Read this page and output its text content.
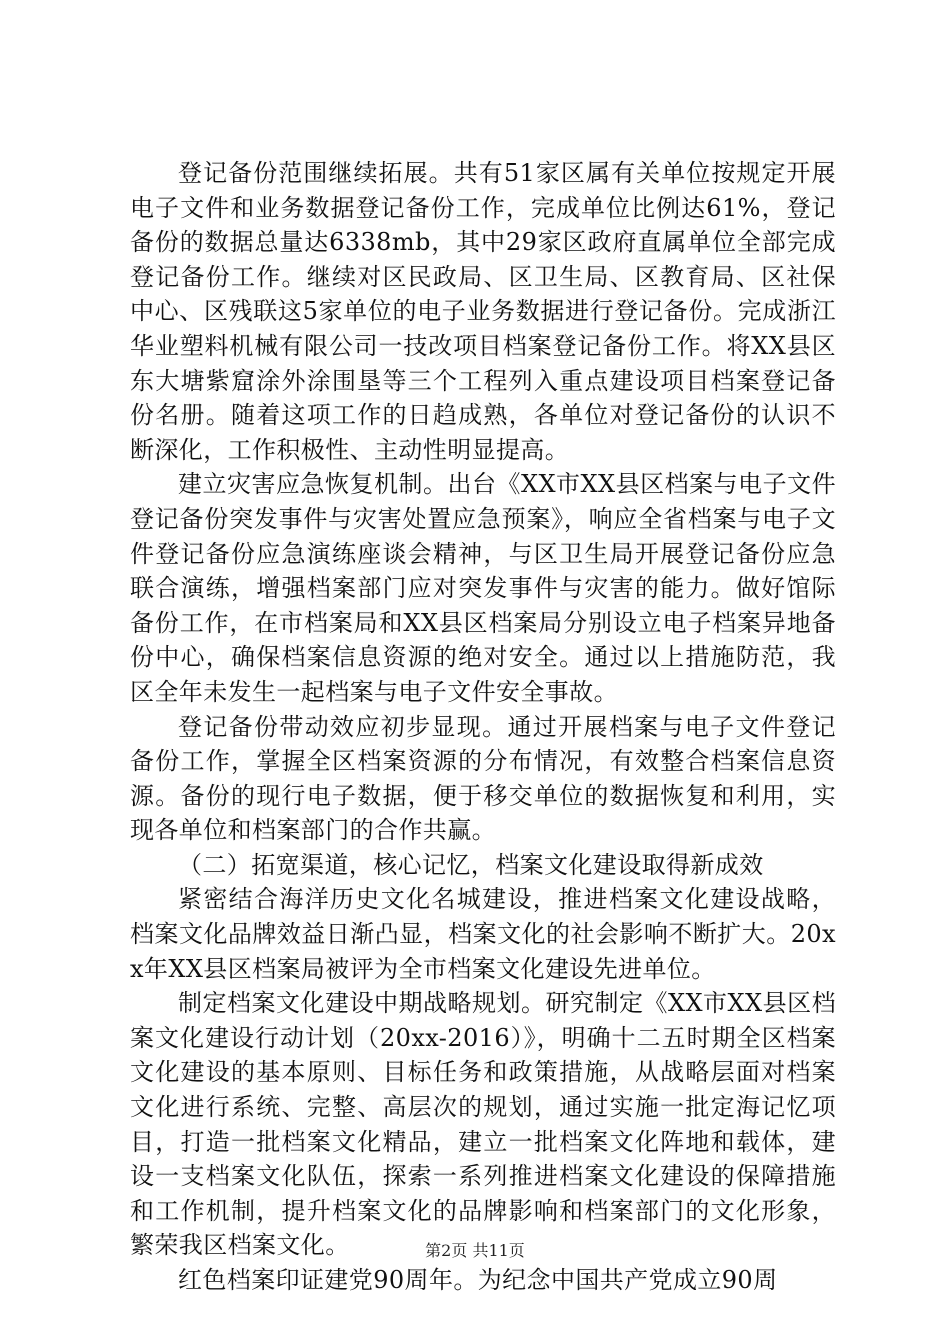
登记备份范围继续拓展。共有51家区属有关单位按规定开展电子文件和业务数据登记备份工作，完成单位比例达61%，登记备份的数据总量达6338mb，其中29家区政府直属单位全部完成登记备份工作。继续对区民政局、区卫生局、区教育局、区社保中心、区残联这5家单位的电子业务数据进行登记备份。完成浙江华业塑料机械有限公司一技改项目档案登记备份工作。将XX县区东大塘紫窟涂外涂围垦等三个工程列入重点建设项目档案登记备份名册。随着这项工作的日趋成熟，各单位对登记备份的认识不断深化，工作积极性、主动性明显提高。

建立灾害应急恢复机制。出台《XX市XX县区档案与电子文件登记备份突发事件与灾害处置应急预案》，响应全省档案与电子文件登记备份应急演练座谈会精神，与区卫生局开展登记备份应急联合演练，增强档案部门应对突发事件与灾害的能力。做好馆际备份工作，在市档案局和XX县区档案局分别设立电子档案异地备份中心，确保档案信息资源的绝对安全。通过以上措施防范，我区全年未发生一起档案与电子文件安全事故。

登记备份带动效应初步显现。通过开展档案与电子文件登记备份工作，掌握全区档案资源的分布情况，有效整合档案信息资源。备份的现行电子数据，便于移交单位的数据恢复和利用，实现各单位和档案部门的合作共赢。

（二）拓宽渠道，核心记忆，档案文化建设取得新成效

紧密结合海洋历史文化名城建设，推进档案文化建设战略，档案文化品牌效益日渐凸显，档案文化的社会影响不断扩大。20xx年XX县区档案局被评为全市档案文化建设先进单位。

制定档案文化建设中期战略规划。研究制定《XX市XX县区档案文化建设行动计划（20xx-2016）》，明确十二五时期全区档案文化建设的基本原则、目标任务和政策措施，从战略层面对档案文化进行系统、完整、高层次的规划，通过实施一批定海记忆项目，打造一批档案文化精品，建立一批档案文化阵地和载体，建设一支档案文化队伍，探索一系列推进档案文化建设的保障措施和工作机制，提升档案文化的品牌影响和档案部门的文化形象，繁荣我区档案文化。

红色档案印证建党90周年。为纪念中国共产党成立90周

第2页 共11页
